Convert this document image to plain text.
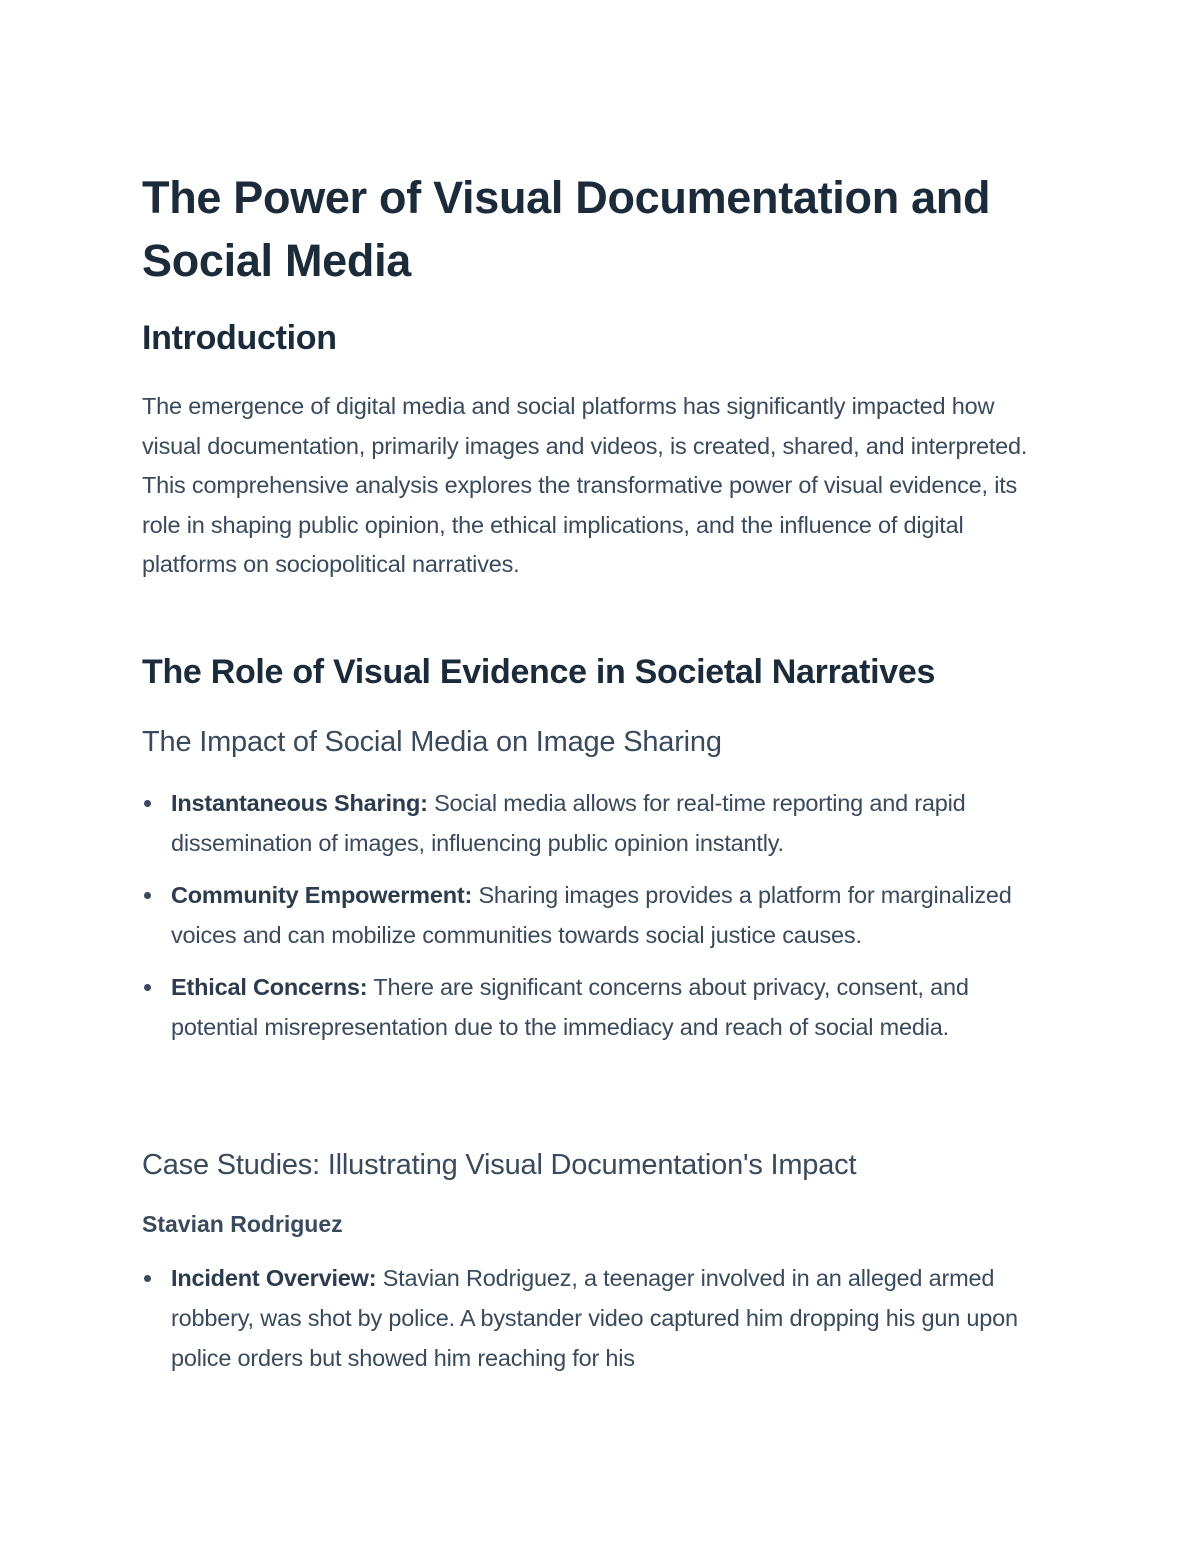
The Power of Visual Documentation and Social Media
Introduction

The emergence of digital media and social platforms has significantly impacted how visual documentation, primarily images and videos, is created, shared, and interpreted. This comprehensive analysis explores the transformative power of visual evidence, its role in shaping public opinion, the ethical implications, and the influence of digital platforms on sociopolitical narratives.

The Role of Visual Evidence in Societal Narratives
The Impact of Social Media on Image Sharing
Instantaneous Sharing: Social media allows for real-time reporting and rapid dissemination of images, influencing public opinion instantly.
Community Empowerment: Sharing images provides a platform for marginalized voices and can mobilize communities towards social justice causes.
Ethical Concerns: There are significant concerns about privacy, consent, and potential misrepresentation due to the immediacy and reach of social media.
Case Studies: Illustrating Visual Documentation's Impact
Stavian Rodriguez
Incident Overview: Stavian Rodriguez, a teenager involved in an alleged armed robbery, was shot by police. A bystander video captured him dropping his gun upon police orders but showed him reaching for his
